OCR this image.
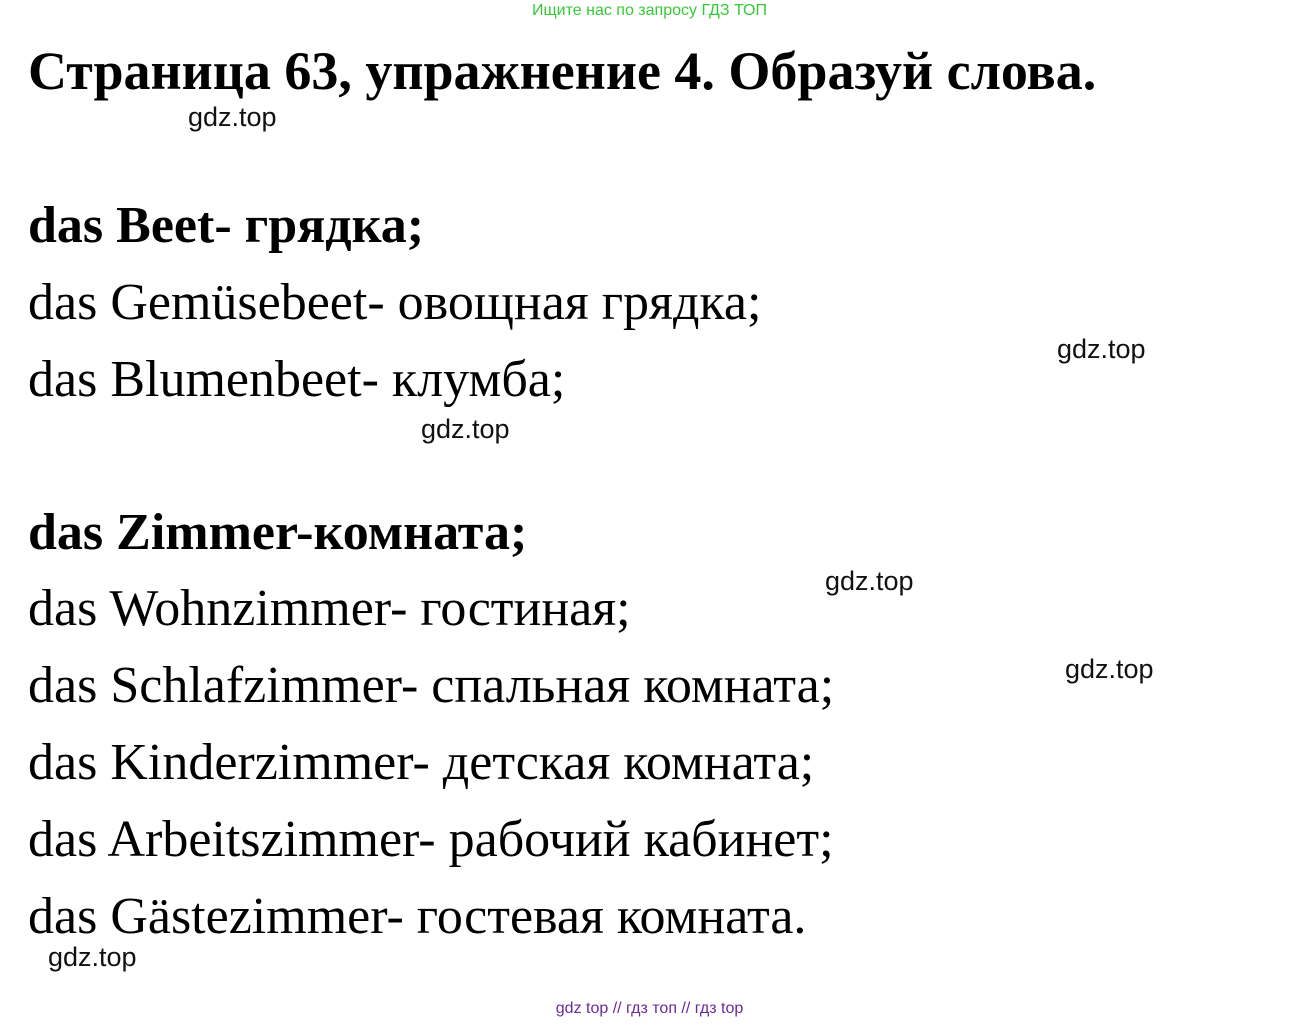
Ищите нас по запросу ГДЗ ТОП
Страница 63, упражнение 4. Образуй слова.
gdz.top
das Beet- грядка;
das Gemüsebeet- овощная грядка;
das Blumenbeet- клумба;
gdz.top
gdz.top
das Zimmer-комната;
gdz.top
das Wohnzimmer- гостиная;
gdz.top
das Schlafzimmer- спальная комната;
das Kinderzimmer- детская комната;
das Arbeitszimmer- рабочий кабинет;
das Gästezimmer- гостевая комната.
gdz.top
gdz top // гдз топ // гдз top
